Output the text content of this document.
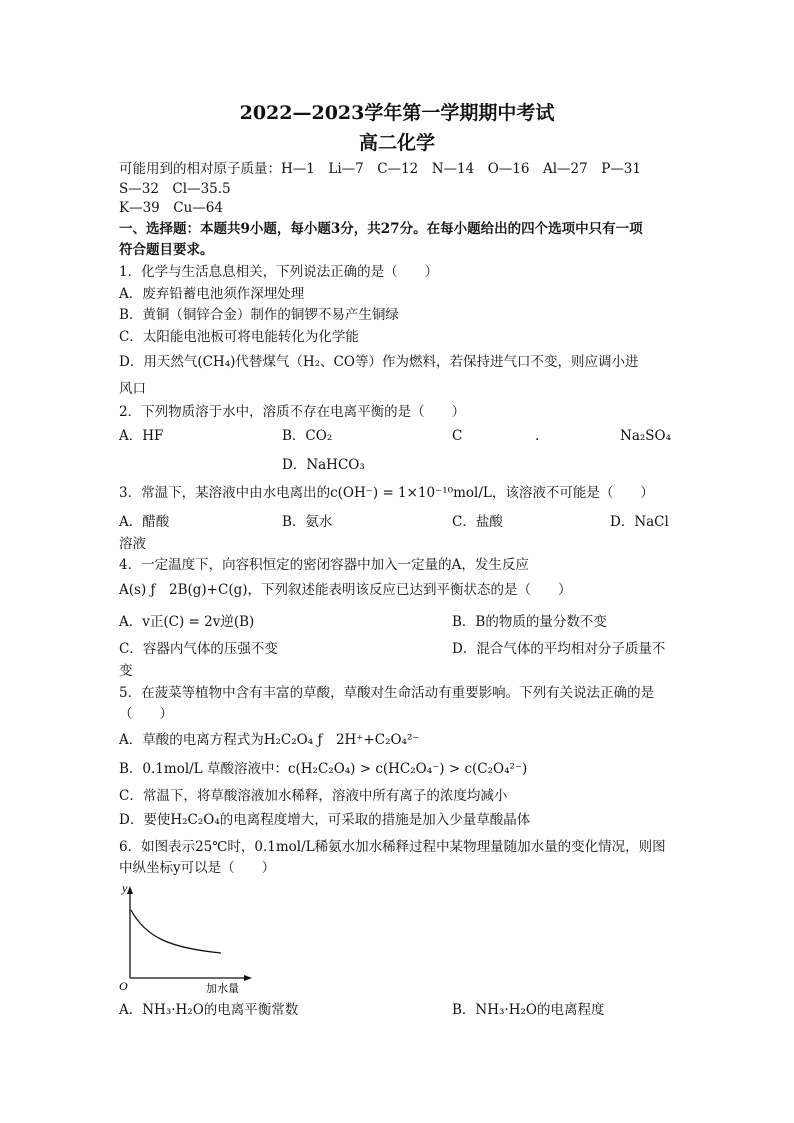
2022—2023学年第一学期期中考试
高二化学
可能用到的相对原子质量：H—1　Li—7　C—12　N—14　O—16　Al—27　P—31
S—32　Cl—35.5
K—39　Cu—64
一、选择题：本题共9小题，每小题3分，共27分。在每小题给出的四个选项中只有一项
符合题目要求。
1．化学与生活息息相关，下列说法正确的是（　　）
A．废弃铅蓄电池须作深埋处理
B．黄铜（铜锌合金）制作的铜锣不易产生铜绿
C．太阳能电池板可将电能转化为化学能
D．用天然气(CH₄)代替煤气（H₂、CO等）作为燃料，若保持进气口不变，则应调小进
风口
2．下列物质溶于水中，溶质不存在电离平衡的是（　　）
A．HF	B．CO₂	C	.	Na₂SO₄
D．NaHCO₃
3．常温下，某溶液中由水电离出的c(OH⁻) = 1×10⁻¹⁰mol/L，该溶液不可能是（　　）
A．醋酸	B．氨水	C．盐酸	D．NaCl
溶液
4．一定温度下，向容积恒定的密闭容器中加入一定量的A，发生反应
A(s) ƒ　2B(g)+C(g)，下列叙述能表明该反应已达到平衡状态的是（　　）
A．v正(C) = 2v逆(B)	B．B的物质的量分数不变
C．容器内气体的压强不变	D．混合气体的平均相对分子质量不
变
5．在菠菜等植物中含有丰富的草酸，草酸对生命活动有重要影响。下列有关说法正确的是
（　　）
A．草酸的电离方程式为H₂C₂O₄ ƒ　2H⁺+C₂O₄²⁻
B．0.1mol/L 草酸溶液中：c(H₂C₂O₄) > c(HC₂O₄⁻) > c(C₂O₄²⁻)
C．常温下，将草酸溶液加水稀释，溶液中所有离子的浓度均减小
D．要使H₂C₂O₄的电离程度增大，可采取的措施是加入少量草酸晶体
6．如图表示25℃时，0.1mol/L稀氨水加水稀释过程中某物理量随加水量的变化情况，则图
中纵坐标y可以是（　　）
y
O	加水量
A．NH₃·H₂O的电离平衡常数	B．NH₃·H₂O的电离程度
